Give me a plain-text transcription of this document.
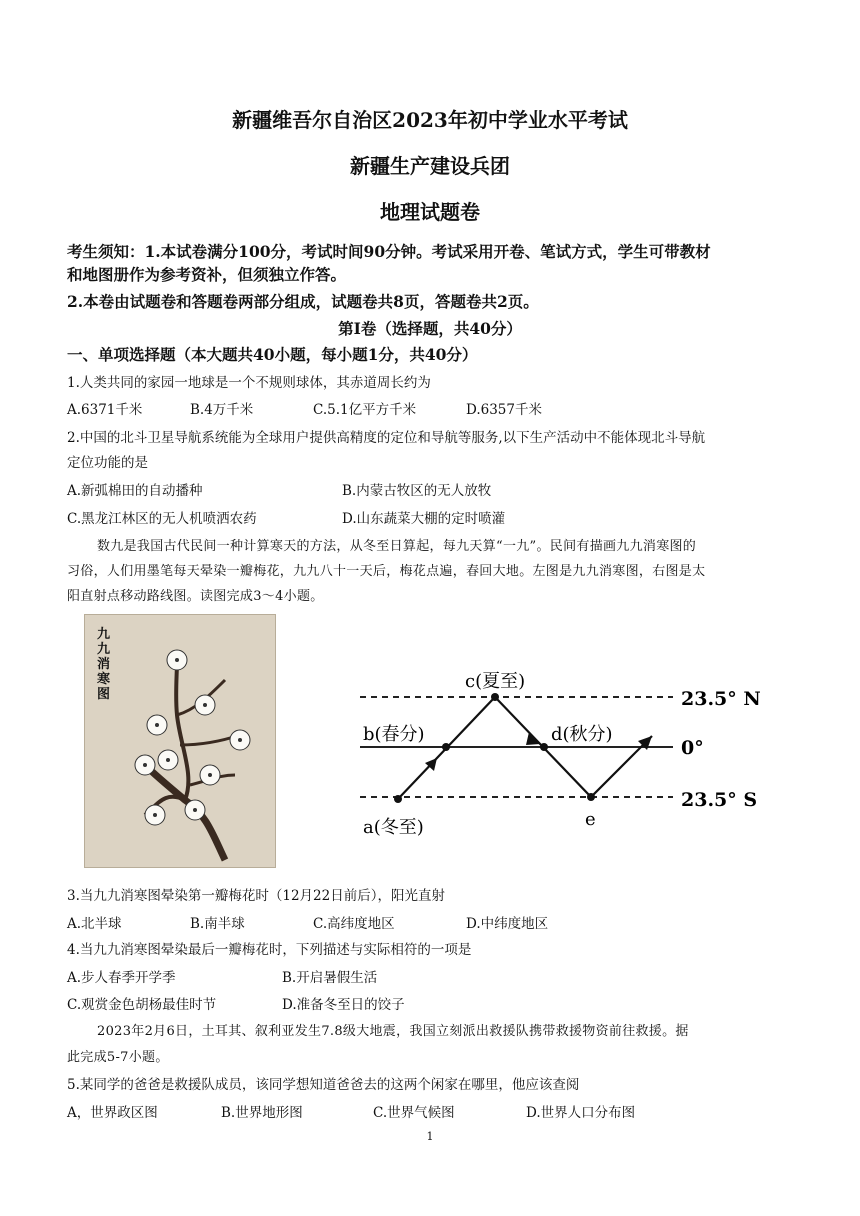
新疆维吾尔自治区2023年初中学业水平考试
新疆生产建设兵团
地理试题卷
考生须知：1.本试卷满分100分，考试时间90分钟。考试采用开卷、笔试方式，学生可带教材
和地图册作为参考资补，但须独立作答。
2.本卷由试题卷和答题卷两部分组成，试题卷共8页，答题卷共2页。
第Ⅰ卷（选择题，共40分）
一、单项选择题（本大题共40小题，每小题1分，共40分）
1.人类共同的家园一地球是一个不规则球体，其赤道周长约为
A.6371千米	B.4万千米	C.5.1亿平方千米	D.6357千米
2.中国的北斗卫星导航系统能为全球用户提供高精度的定位和导航等服务,以下生产活动中不能体现北斗导航
定位功能的是
A.新弧棉田的自动播种	B.内蒙古牧区的无人放牧
C.黑龙江林区的无人机喷洒农药	D.山东蔬菜大棚的定时喷灌
数九是我国古代民间一种计算寒天的方法，从冬至日算起，每九天算“一九”。民间有描画九九消寒图的
习俗，人们用墨笔每天晕染一瓣梅花，九九八十一天后，梅花点遍，春回大地。左图是九九消寒图，右图是太
阳直射点移动路线图。读图完成3～4小题。
九九消寒图
c(夏至)
b(春分)	d(秋分)
a(冬至)	e
23.5° N
0°
23.5° S
3.当九九消寒图晕染第一瓣梅花时（12月22日前后），阳光直射
A.北半球	B.南半球	C.高纬度地区	D.中纬度地区
4.当九九消寒图晕染最后一瓣梅花时，下列描述与实际相符的一项是
A.步人春季开学季	B.开启暑假生活
C.观赏金色胡杨最佳时节	D.准备冬至日的饺子
2023年2月6日，土耳其、叙利亚发生7.8级大地震，我国立刻派出救援队携带救援物资前往救援。据
此完成5-7小题。
5.某同学的爸爸是救援队成员，该同学想知道爸爸去的这两个闲家在哪里，他应该查阅
A，世界政区图	B.世界地形图	C.世界气候图	D.世界人口分布图
1
